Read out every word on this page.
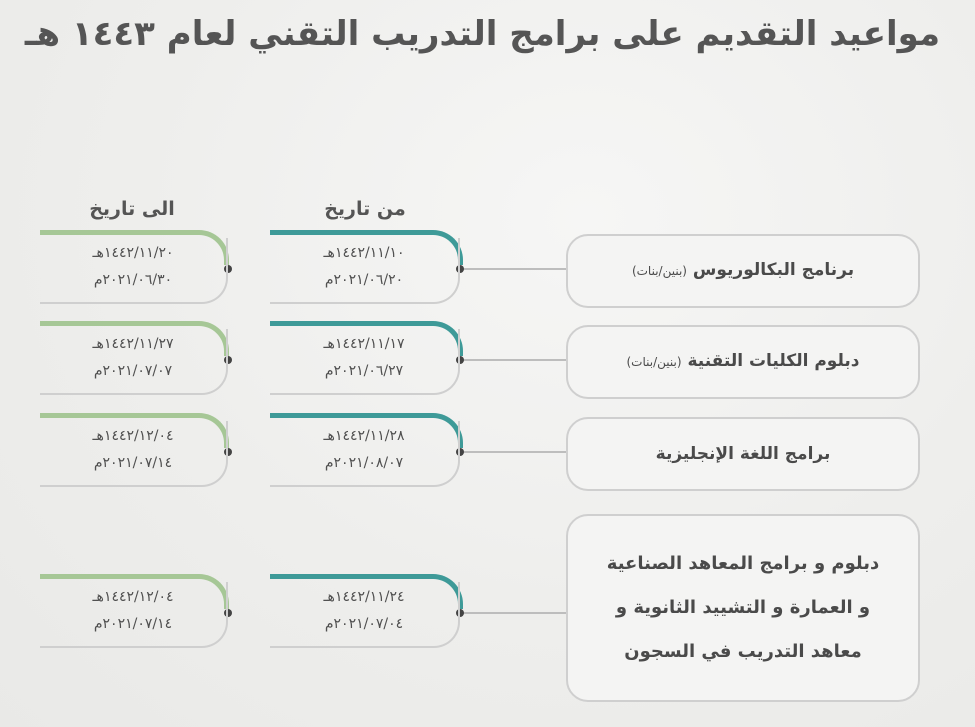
مواعيد التقديم على برامج التدريب التقني لعام ١٤٤٣ هـ
من تاريخ
الى تاريخ
برنامج البكالوريوس (بنين/بنات)
١٤٤٢/١١/١٠هـ
٢٠٢١/٠٦/٢٠م
١٤٤٢/١١/٢٠هـ
٢٠٢١/٠٦/٣٠م
دبلوم الكليات التقنية (بنين/بنات)
١٤٤٢/١١/١٧هـ
٢٠٢١/٠٦/٢٧م
١٤٤٢/١١/٢٧هـ
٢٠٢١/٠٧/٠٧م
برامج اللغة الإنجليزية
١٤٤٢/١١/٢٨هـ
٢٠٢١/٠٨/٠٧م
١٤٤٢/١٢/٠٤هـ
٢٠٢١/٠٧/١٤م
دبلوم و برامج المعاهد الصناعية
و العمارة و التشييد الثانوية و
معاهد التدريب في السجون
١٤٤٢/١١/٢٤هـ
٢٠٢١/٠٧/٠٤م
١٤٤٢/١٢/٠٤هـ
٢٠٢١/٠٧/١٤م
